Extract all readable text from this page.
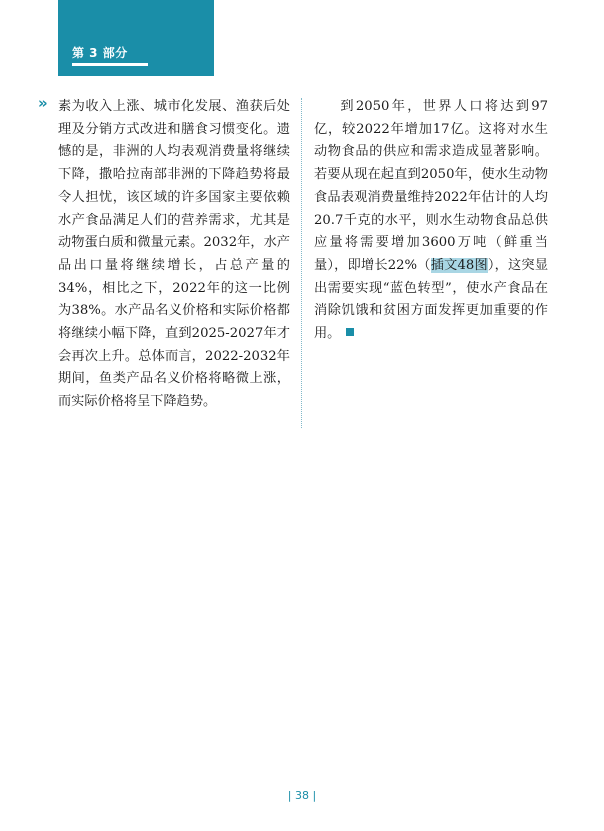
第 3 部分
» 素为收入上涨、城市化发展、渔获后处理及分销方式改进和膳食习惯变化。遗憾的是，非洲的人均表观消费量将继续下降，撒哈拉南部非洲的下降趋势将最令人担忧，该区域的许多国家主要依赖水产食品满足人们的营养需求，尤其是动物蛋白质和微量元素。2032年，水产品出口量将继续增长，占总产量的34%，相比之下，2022年的这一比例为38%。水产品名义价格和实际价格都将继续小幅下降，直到2025-2027年才会再次上升。总体而言，2022-2032年期间，鱼类产品名义价格将略微上涨，而实际价格将呈下降趋势。

到2050年，世界人口将达到97亿，较2022年增加17亿。这将对水生动物食品的供应和需求造成显著影响。若要从现在起直到2050年，使水生动物食品表观消费量维持2022年估计的人均20.7千克的水平，则水生动物食品总供应量将需要增加3600万吨（鲜重当量），即增长22%（插文48图），这突显出需要实现“蓝色转型”，使水产食品在消除饥饿和贫困方面发挥更加重要的作用。

| 38 |
